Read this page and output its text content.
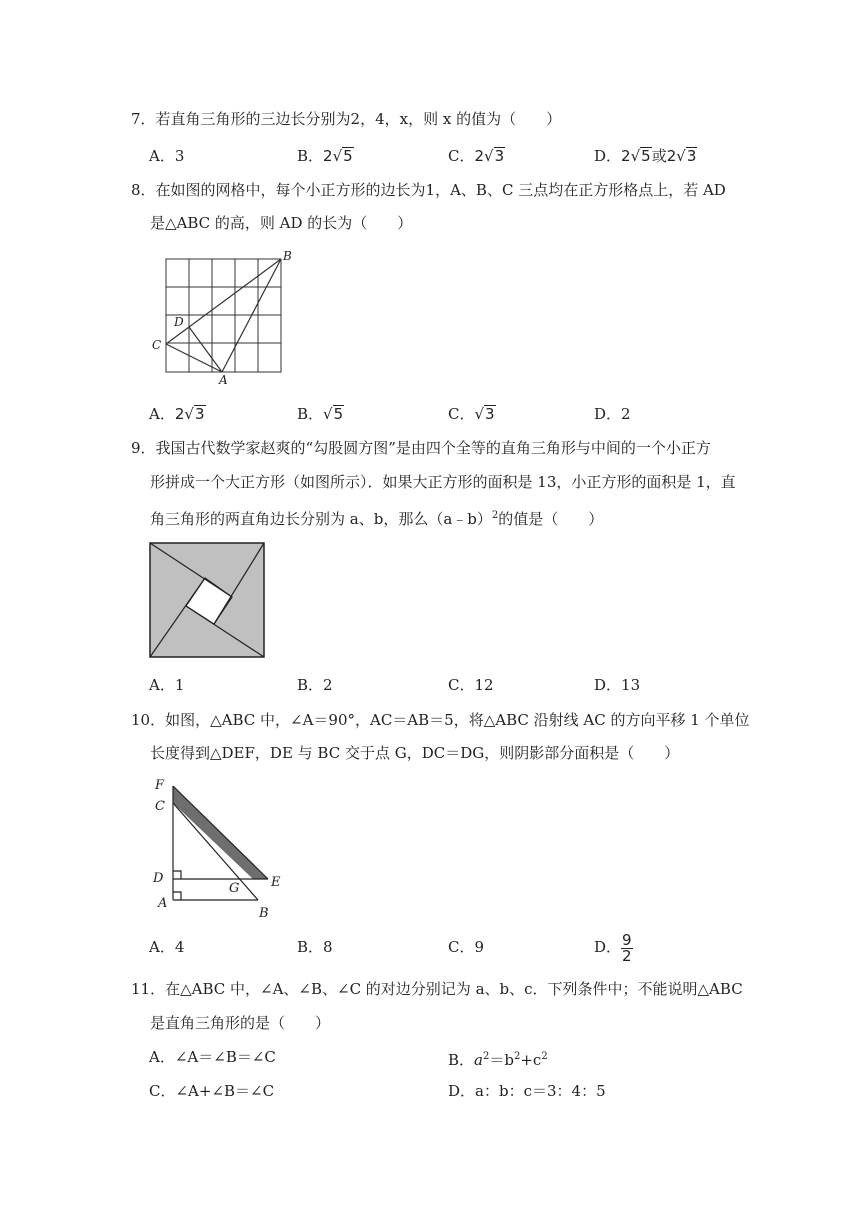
7．若直角三角形的三边长分别为2，4，x，则 x 的值为（　　）
A．3	B．2√5	C．2√3	D．2√5或2√3
8．在如图的网格中，每个小正方形的边长为1，A、B、C 三点均在正方形格点上，若 AD
是△ABC 的高，则 AD 的长为（　　）
B
D
C
A
A．2√3	B．√5	C．√3	D．2
9．我国古代数学家赵爽的“勾股圆方图”是由四个全等的直角三角形与中间的一个小正方
形拼成一个大正方形（如图所示）．如果大正方形的面积是 13，小正方形的面积是 1，直
角三角形的两直角边长分别为 a、b，那么（a﹣b）$^2$的值是（　　）
A．1	B．2	C．12	D．13
10．如图，△ABC 中，∠A＝90°，AC＝AB＝5，将△ABC 沿射线 AC 的方向平移 1 个单位
长度得到△DEF，DE 与 BC 交于点 G，DC＝DG，则阴影部分面积是（　　）
F
C
D
A
G E
B
A．4	B．8	C．9	D． $\frac{9}{2}$
11．在△ABC 中，∠A、∠B、∠C 的对边分别记为 a、b、c．下列条件中；不能说明△ABC
是直角三角形的是（　　）
A．∠A＝∠B＝∠C	B．$a^2=b^2+c^2$
C．∠A+∠B＝∠C	D．a：b：c＝3：4：5
